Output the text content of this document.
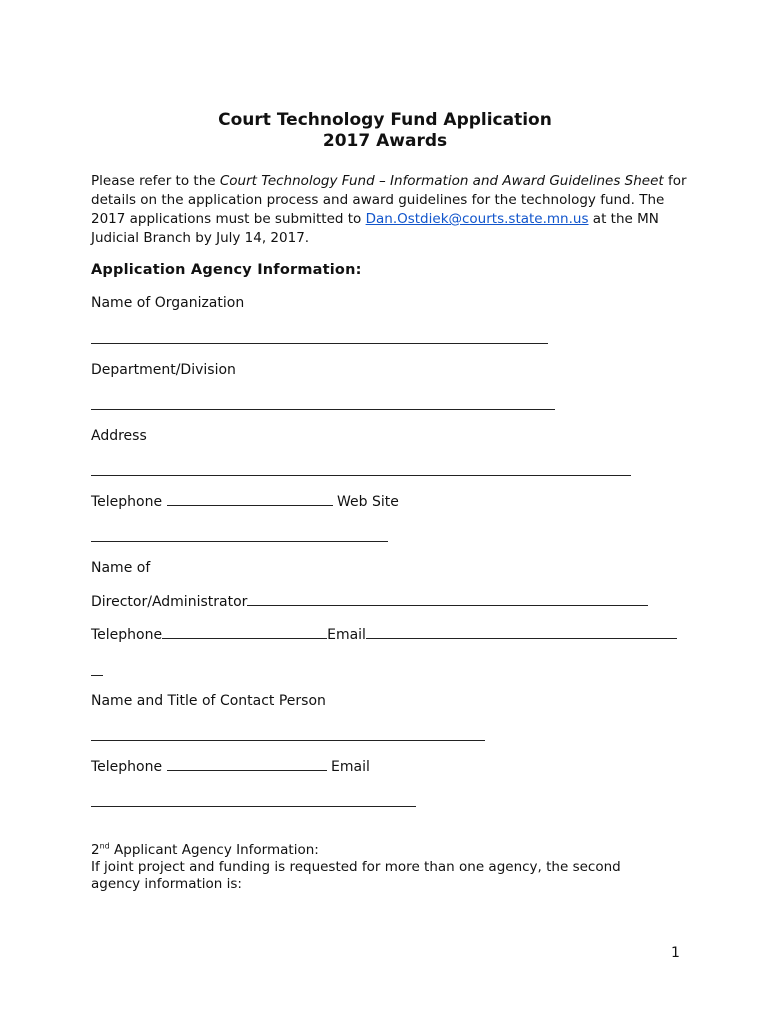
Court Technology Fund Application
2017 Awards
Please refer to the Court Technology Fund – Information and Award Guidelines Sheet for details on the application process and award guidelines for the technology fund. The 2017 applications must be submitted to Dan.Ostdiek@courts.state.mn.us at the MN Judicial Branch by July 14, 2017.
Application Agency Information:
Name of Organization
Department/Division
Address
Telephone	Web Site
Name of
Director/Administrator
Telephone	Email
Name and Title of Contact Person
Telephone	Email
2nd Applicant Agency Information:
If joint project and funding is requested for more than one agency, the second agency information is:
1
